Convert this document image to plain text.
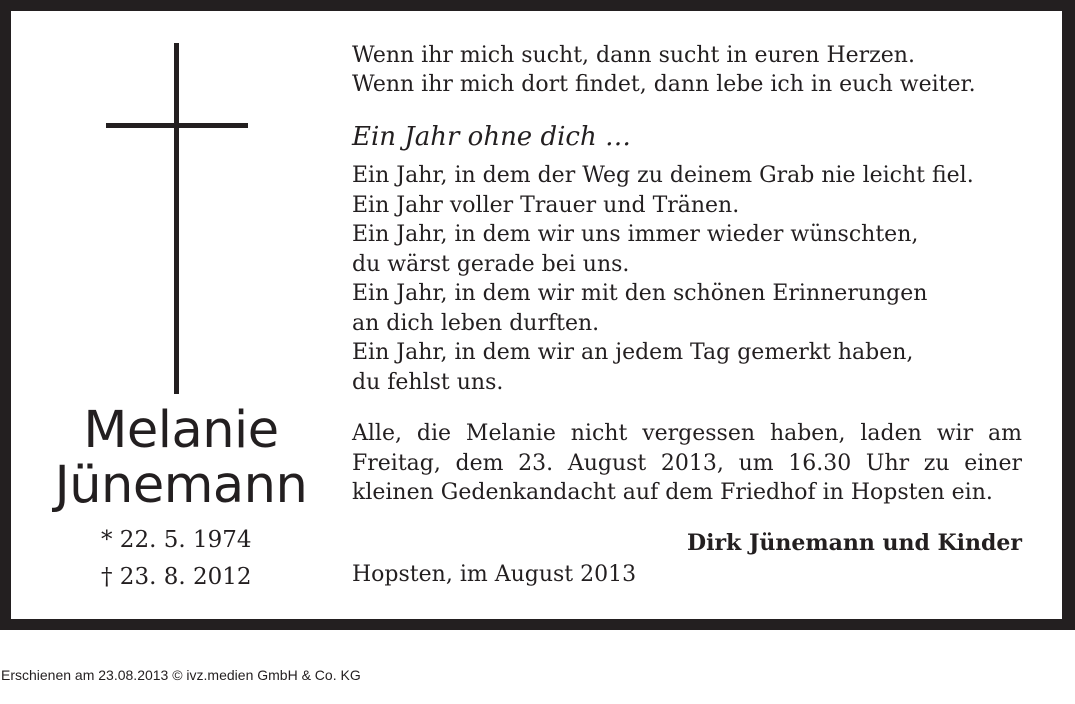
Melanie
Jünemann
* 22. 5. 1974
† 23. 8. 2012
Wenn ihr mich sucht, dann sucht in euren Herzen.
Wenn ihr mich dort findet, dann lebe ich in euch weiter.
Ein Jahr ohne dich …
Ein Jahr, in dem der Weg zu deinem Grab nie leicht fiel.
Ein Jahr voller Trauer und Tränen.
Ein Jahr, in dem wir uns immer wieder wünschten,
du wärst gerade bei uns.
Ein Jahr, in dem wir mit den schönen Erinnerungen
an dich leben durften.
Ein Jahr, in dem wir an jedem Tag gemerkt haben,
du fehlst uns.
Alle, die Melanie nicht vergessen haben, laden wir am Freitag, dem 23. August 2013, um 16.30 Uhr zu einer kleinen Gedenkandacht auf dem Friedhof in Hopsten ein.
Dirk Jünemann und Kinder
Hopsten, im August 2013
Erschienen am 23.08.2013 © ivz.medien GmbH & Co. KG
